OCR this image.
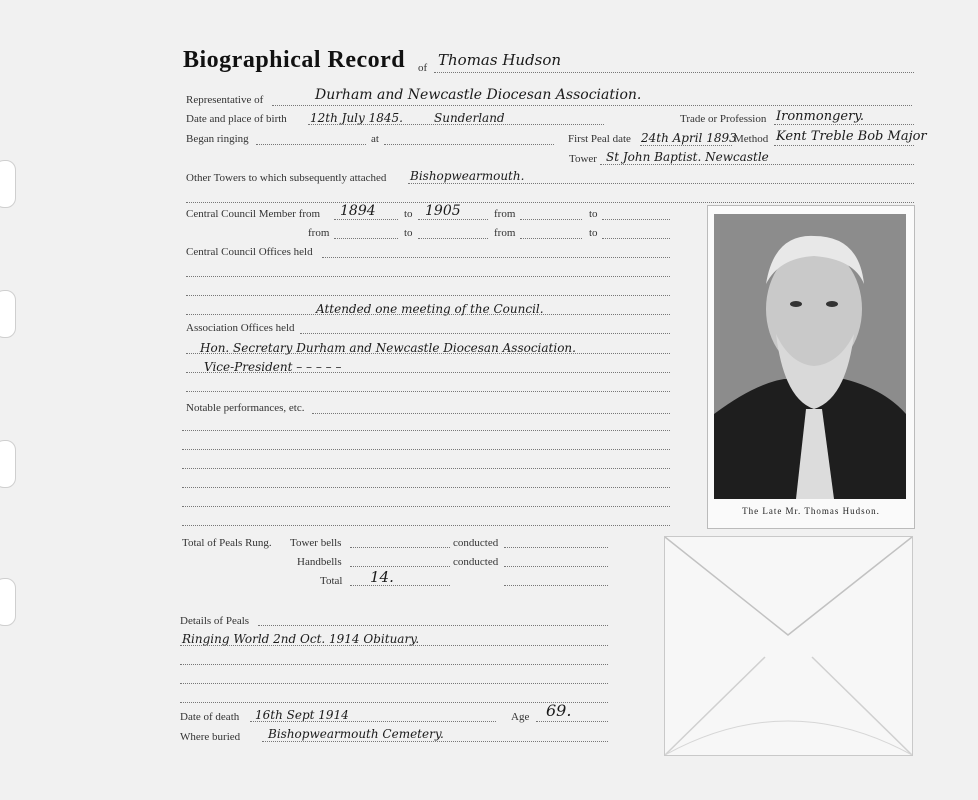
Biographical Record of Thomas Hudson
Representative of	Durham and Newcastle Diocesan Association.
Date and place of birth 12th July 1845.	Sunderland	Trade or Profession Ironmongery.
Began ringing	at	First Peal date 24th April 1893
Method Kent Treble Bob Major
Tower St John Baptist. Newcastle
Other Towers to which subsequently attached Bishopwearmouth.
Central Council Member from 1894	to 1905	from	to
from	to	from	to
Central Council Offices held
Attended one meeting of the Council.
Association Offices held
Hon. Secretary Durham and Newcastle Diocesan Association.
Vice-President – – – – –
Notable performances, etc.
Total of Peals Rung. Tower bells	conducted
Handbells	conducted
Total 14.
Details of Peals
Ringing World 2nd Oct. 1914 Obituary.
Date of death 16th Sept 1914	Age 69.
Where buried Bishopwearmouth Cemetery.
The Late Mr. Thomas Hudson.
